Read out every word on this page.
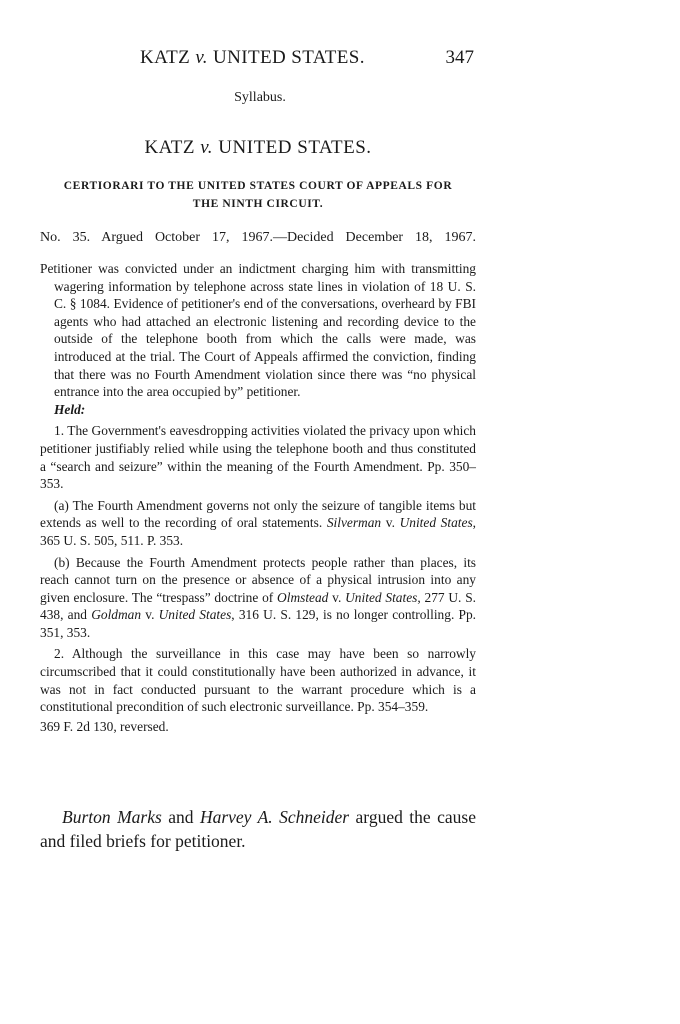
KATZ v. UNITED STATES.	347
Syllabus.
KATZ v. UNITED STATES.
CERTIORARI TO THE UNITED STATES COURT OF APPEALS FOR
THE NINTH CIRCUIT.
No. 35. Argued October 17, 1967.—Decided December 18, 1967.

Petitioner was convicted under an indictment charging him with transmitting wagering information by telephone across state lines in violation of 18 U. S. C. § 1084. Evidence of petitioner's end of the conversations, overheard by FBI agents who had attached an electronic listening and recording device to the outside of the telephone booth from which the calls were made, was introduced at the trial. The Court of Appeals affirmed the conviction, finding that there was no Fourth Amendment violation since there was “no physical entrance into the area occupied by” petitioner.
Held:

1. The Government's eavesdropping activities violated the privacy upon which petitioner justifiably relied while using the telephone booth and thus constituted a “search and seizure” within the meaning of the Fourth Amendment. Pp. 350–353.

(a) The Fourth Amendment governs not only the seizure of tangible items but extends as well to the recording of oral statements. Silverman v. United States, 365 U. S. 505, 511. P. 353.

(b) Because the Fourth Amendment protects people rather than places, its reach cannot turn on the presence or absence of a physical intrusion into any given enclosure. The “trespass” doctrine of Olmstead v. United States, 277 U. S. 438, and Goldman v. United States, 316 U. S. 129, is no longer controlling. Pp. 351, 353.

2. Although the surveillance in this case may have been so narrowly circumscribed that it could constitutionally have been authorized in advance, it was not in fact conducted pursuant to the warrant procedure which is a constitutional precondition of such electronic surveillance. Pp. 354–359.

369 F. 2d 130, reversed.

Burton Marks and Harvey A. Schneider argued the cause and filed briefs for petitioner.
